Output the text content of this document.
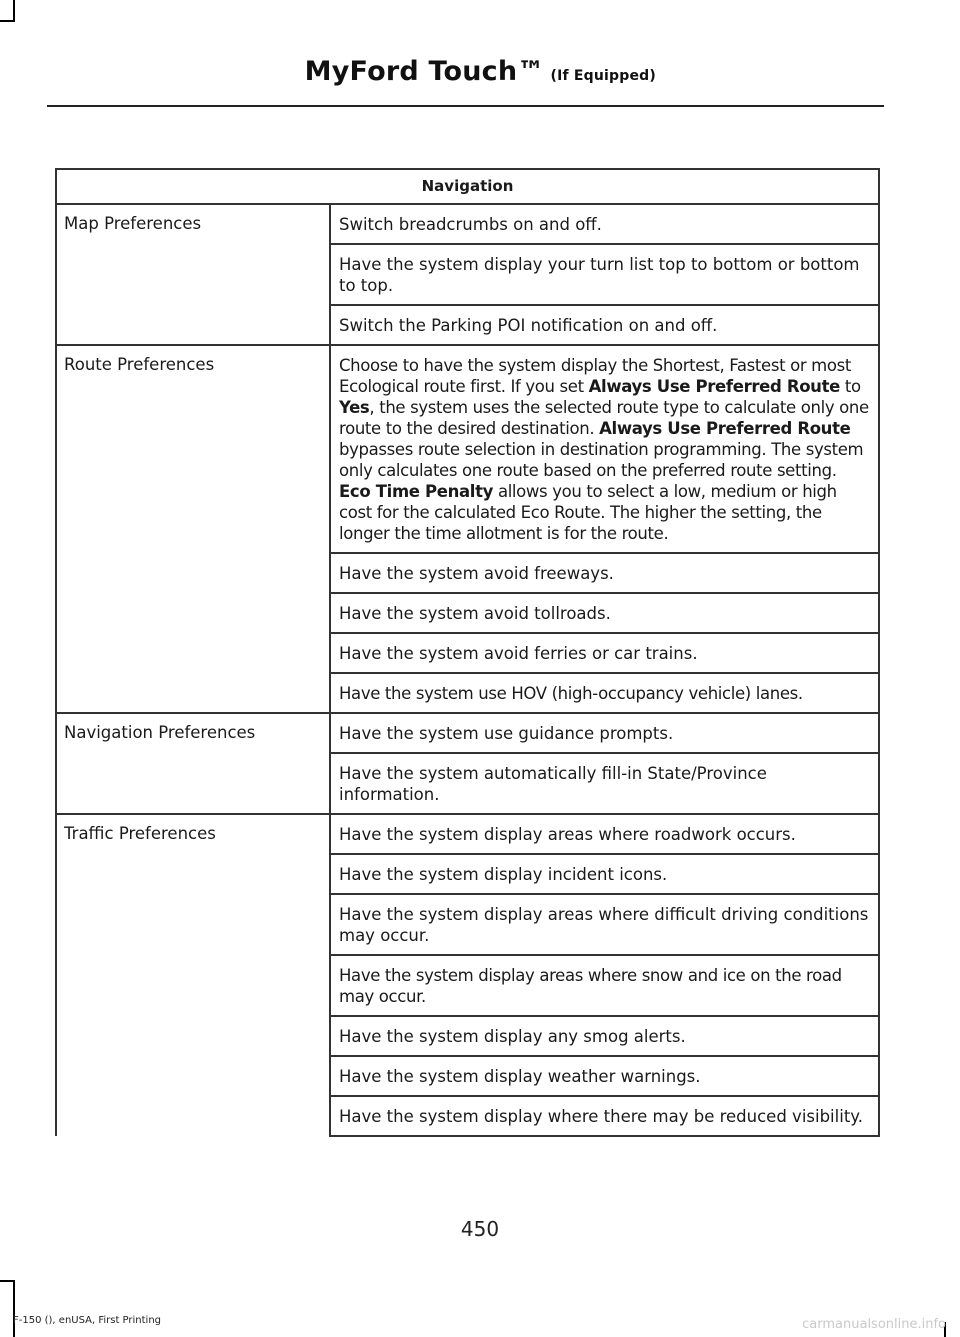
MyFord Touch™ (If Equipped)
Navigation	
Map Preferences	Switch breadcrumbs on and off.
	Have the system display your turn list top to bottom or bottom to top.
	Switch the Parking POI notification on and off.
Route Preferences	Choose to have the system display the Shortest, Fastest or most Ecological route first. If you set Always Use Preferred Route to Yes, the system uses the selected route type to calculate only one route to the desired destination. Always Use Preferred Route bypasses route selection in destination programming. The system only calculates one route based on the preferred route setting. Eco Time Penalty allows you to select a low, medium or high cost for the calculated Eco Route. The higher the setting, the longer the time allotment is for the route.
	Have the system avoid freeways.
	Have the system avoid tollroads.
	Have the system avoid ferries or car trains.
	Have the system use HOV (high-occupancy vehicle) lanes.
Navigation Preferences	Have the system use guidance prompts.
	Have the system automatically fill-in State/Province information.
Traffic Preferences	Have the system display areas where roadwork occurs.
	Have the system display incident icons.
	Have the system display areas where difficult driving conditions may occur.
	Have the system display areas where snow and ice on the road may occur.
	Have the system display any smog alerts.
	Have the system display weather warnings.
	Have the system display where there may be reduced visibility.
450
F-150 (), enUSA, First Printing	carmanualsonline.info
